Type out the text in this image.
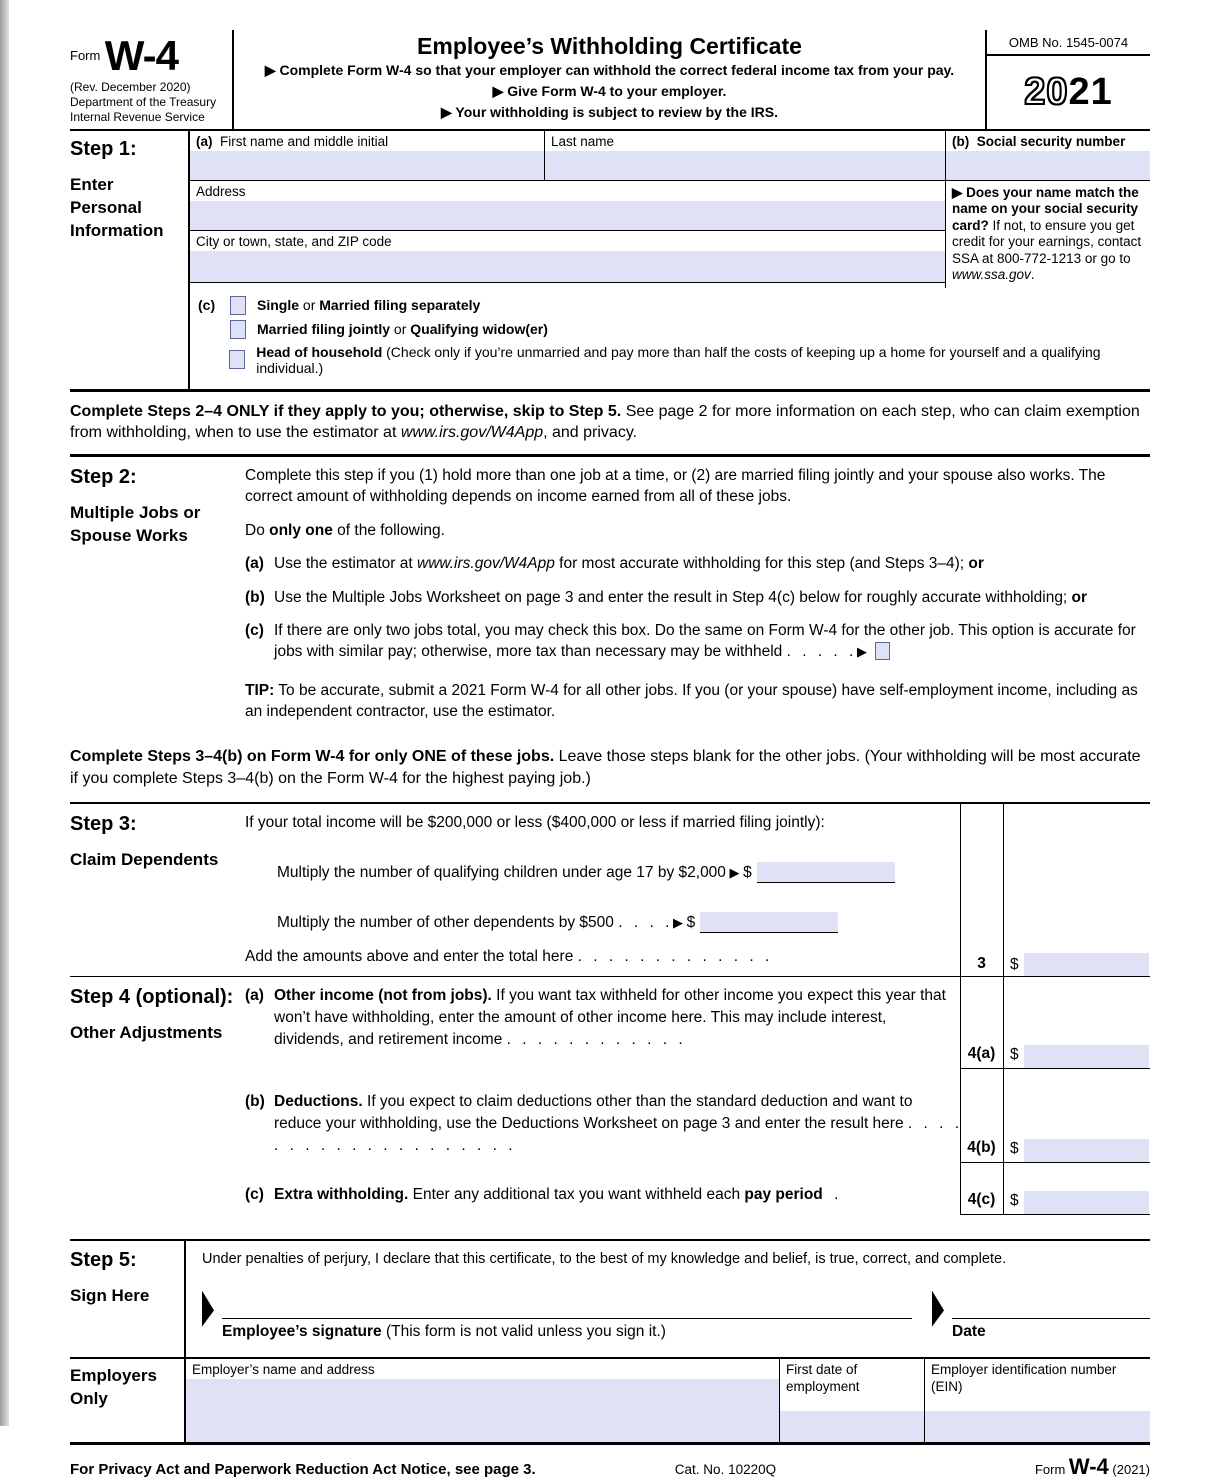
$^{Form}$ W-4
(Rev. December 2020)
Department of the Treasury
Internal Revenue Service
Employee’s Withholding Certificate
▶ Complete Form W-4 so that your employer can withhold the correct federal income tax from your pay.
▶ Give Form W-4 to your employer.
▶ Your withholding is subject to review by the IRS.
OMB No. 1545-0074
20 21
Step 1:
Enter Personal Information
(a) First name and middle initial	Last name
Address
City or town, state, and ZIP code
(b) Social security number
▶ Does your name match the name on your social security card? If not, to ensure you get credit for your earnings, contact SSA at 800-772-1213 or go to www.ssa.gov.
(c)	Single or Married filing separately
Married filing jointly or Qualifying widow(er)
Head of household (Check only if you’re unmarried and pay more than half the costs of keeping up a home for yourself and a qualifying individual.)
Complete Steps 2–4 ONLY if they apply to you; otherwise, skip to Step 5. See page 2 for more information on each step, who can claim exemption from withholding, when to use the estimator at www.irs.gov/W4App, and privacy.
Step 2:
Multiple Jobs or Spouse Works
Complete this step if you (1) hold more than one job at a time, or (2) are married filing jointly and your spouse also works. The correct amount of withholding depends on income earned from all of these jobs.
Do only one of the following.
(a) Use the estimator at www.irs.gov/W4App for most accurate withholding for this step (and Steps 3–4); or
(b) Use the Multiple Jobs Worksheet on page 3 and enter the result in Step 4(c) below for roughly accurate withholding; or
(c) If there are only two jobs total, you may check this box. Do the same on Form W-4 for the other job. This option is accurate for jobs with similar pay; otherwise, more tax than necessary may be withheld . . . . . ▶
TIP: To be accurate, submit a 2021 Form W-4 for all other jobs. If you (or your spouse) have self-employment income, including as an independent contractor, use the estimator.
Complete Steps 3–4(b) on Form W-4 for only ONE of these jobs. Leave those steps blank for the other jobs. (Your withholding will be most accurate if you complete Steps 3–4(b) on the Form W-4 for the highest paying job.)
Step 3:
Claim Dependents
If your total income will be $200,000 or less ($400,000 or less if married filing jointly):
Multiply the number of qualifying children under age 17 by $2,000 ▶ $
Multiply the number of other dependents by $500 . . . . ▶ $
Add the amounts above and enter the total here . . . . . . . . . . . . .	3	$
Step 4 (optional):
Other Adjustments
(a) Other income (not from jobs). If you want tax withheld for other income you expect this year that won’t have withholding, enter the amount of other income here. This may include interest, dividends, and retirement income . . . . . . . . . . . .
4(a) $
(b) Deductions. If you expect to claim deductions other than the standard deduction and want to reduce your withholding, use the Deductions Worksheet on page 3 and enter the result here . . . . . . . . . . . . . . . . . . . .	4(b) $
(c) Extra withholding. Enter any additional tax you want withheld each pay period .	4(c) $
Step 5:
Sign Here
Under penalties of perjury, I declare that this certificate, to the best of my knowledge and belief, is true, correct, and complete.
Employee’s signature (This form is not valid unless you sign it.)	Date
Employers Only
Employer’s name and address	First date of employment
Employer identification number (EIN)
For Privacy Act and Paperwork Reduction Act Notice, see page 3.	Cat. No. 10220Q	Form W-4 (2021)
